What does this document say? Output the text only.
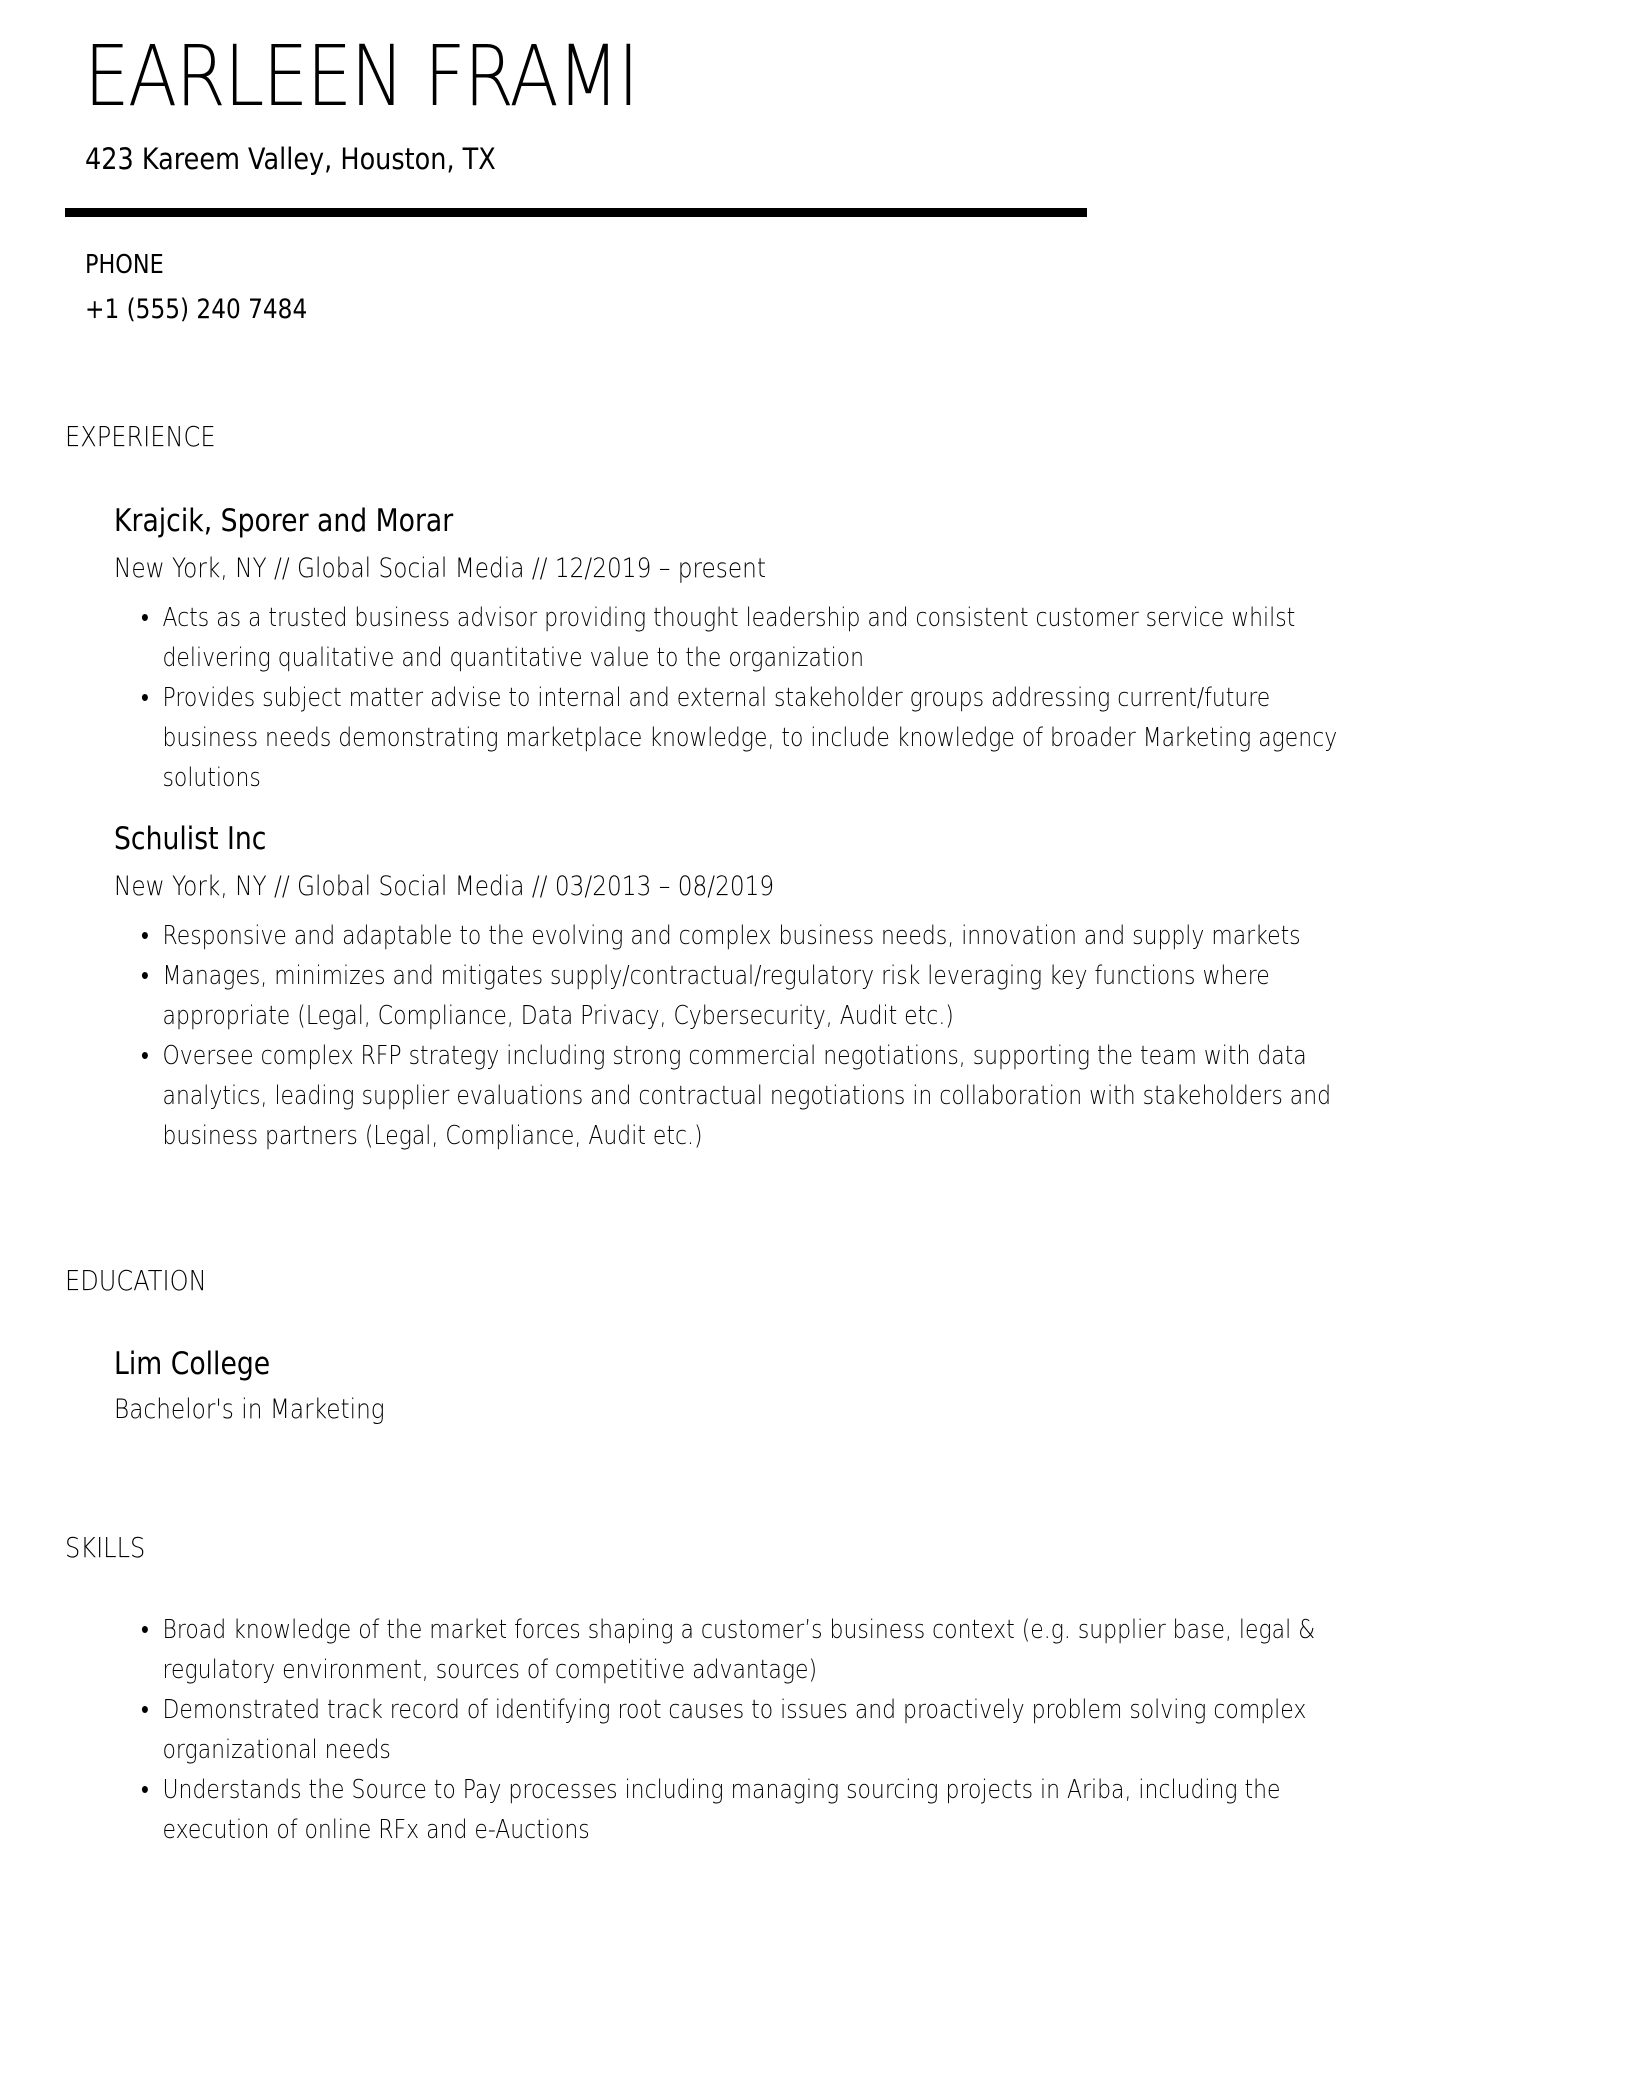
EARLEEN FRAMI
423 Kareem Valley, Houston, TX
PHONE
+1 (555) 240 7484
EXPERIENCE
Krajcik, Sporer and Morar
New York, NY // Global Social Media // 12/2019 – present
• Acts as a trusted business advisor providing thought leadership and consistent customer service whilst delivering qualitative and quantitative value to the organization
• Provides subject matter advise to internal and external stakeholder groups addressing current/future business needs demonstrating marketplace knowledge, to include knowledge of broader Marketing agency solutions
Schulist Inc
New York, NY // Global Social Media // 03/2013 – 08/2019
• Responsive and adaptable to the evolving and complex business needs, innovation and supply markets
• Manages, minimizes and mitigates supply/contractual/regulatory risk leveraging key functions where appropriate (Legal, Compliance, Data Privacy, Cybersecurity, Audit etc.)
• Oversee complex RFP strategy including strong commercial negotiations, supporting the team with data analytics, leading supplier evaluations and contractual negotiations in collaboration with stakeholders and business partners (Legal, Compliance, Audit etc.)
EDUCATION
Lim College
Bachelor's in Marketing
SKILLS
• Broad knowledge of the market forces shaping a customer’s business context (e.g. supplier base, legal & regulatory environment, sources of competitive advantage)
• Demonstrated track record of identifying root causes to issues and proactively problem solving complex organizational needs
• Understands the Source to Pay processes including managing sourcing projects in Ariba, including the execution of online RFx and e-Auctions
